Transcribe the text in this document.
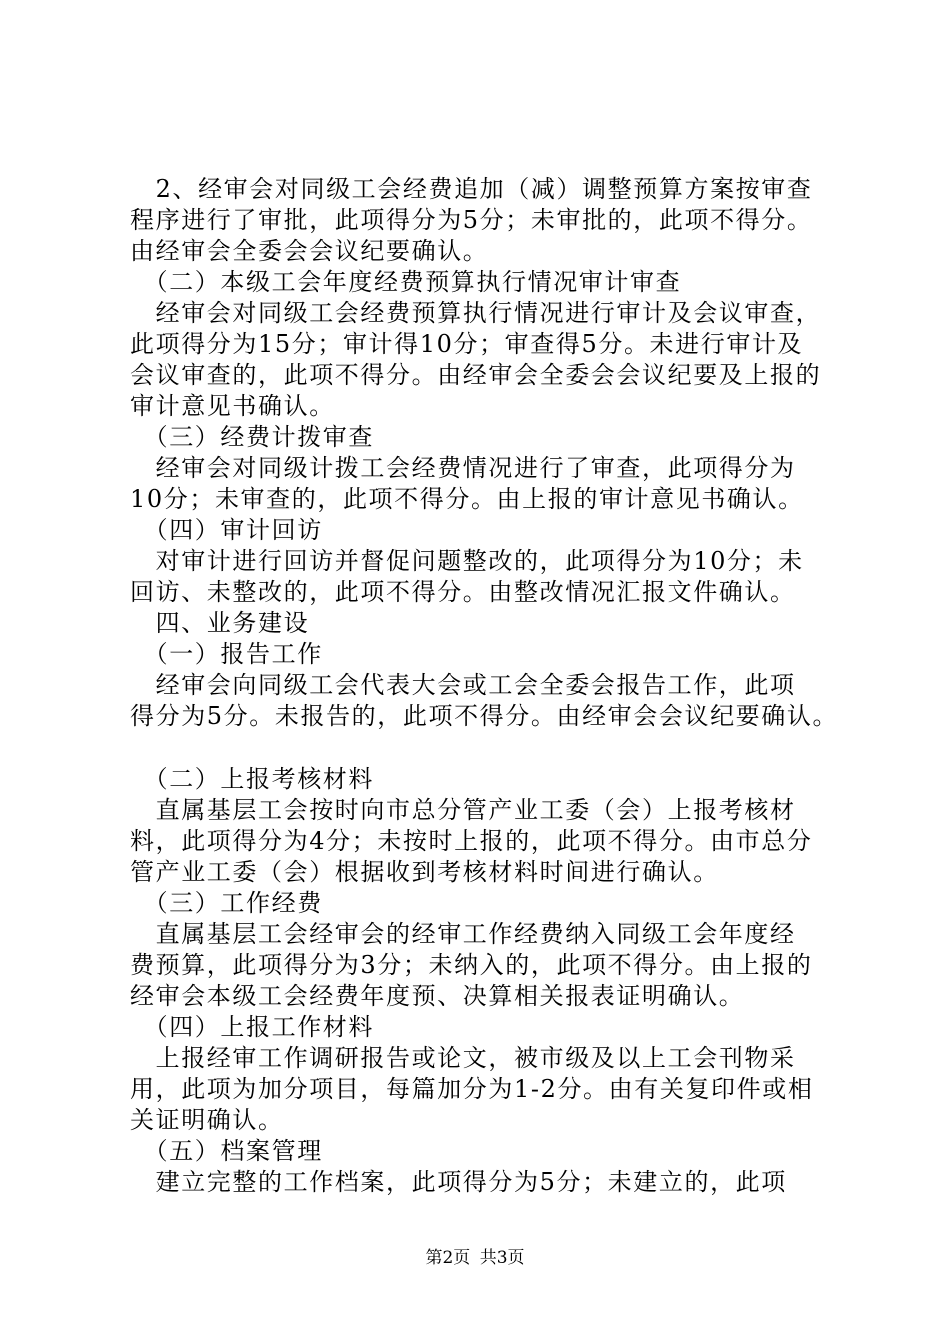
　2、经审会对同级工会经费追加（减）调整预算方案按审查
程序进行了审批，此项得分为5分；未审批的，此项不得分。
由经审会全委会会议纪要确认。
　（二）本级工会年度经费预算执行情况审计审查
　经审会对同级工会经费预算执行情况进行审计及会议审查，
此项得分为15分；审计得10分；审查得5分。未进行审计及
会议审查的，此项不得分。由经审会全委会会议纪要及上报的
审计意见书确认。
　（三）经费计拨审查
　经审会对同级计拨工会经费情况进行了审查，此项得分为
10分；未审查的，此项不得分。由上报的审计意见书确认。
　（四）审计回访
　对审计进行回访并督促问题整改的，此项得分为10分；未
回访、未整改的，此项不得分。由整改情况汇报文件确认。
　四、业务建设
　（一）报告工作
　经审会向同级工会代表大会或工会全委会报告工作，此项
得分为5分。未报告的，此项不得分。由经审会会议纪要确认。
　（二）上报考核材料
　直属基层工会按时向市总分管产业工委（会）上报考核材
料，此项得分为4分；未按时上报的，此项不得分。由市总分
管产业工委（会）根据收到考核材料时间进行确认。
　（三）工作经费
　直属基层工会经审会的经审工作经费纳入同级工会年度经
费预算，此项得分为3分；未纳入的，此项不得分。由上报的
经审会本级工会经费年度预、决算相关报表证明确认。
　（四）上报工作材料
　上报经审工作调研报告或论文，被市级及以上工会刊物采
用，此项为加分项目，每篇加分为1-2分。由有关复印件或相
关证明确认。
　（五）档案管理
　建立完整的工作档案，此项得分为5分；未建立的，此项
第2页 共3页
